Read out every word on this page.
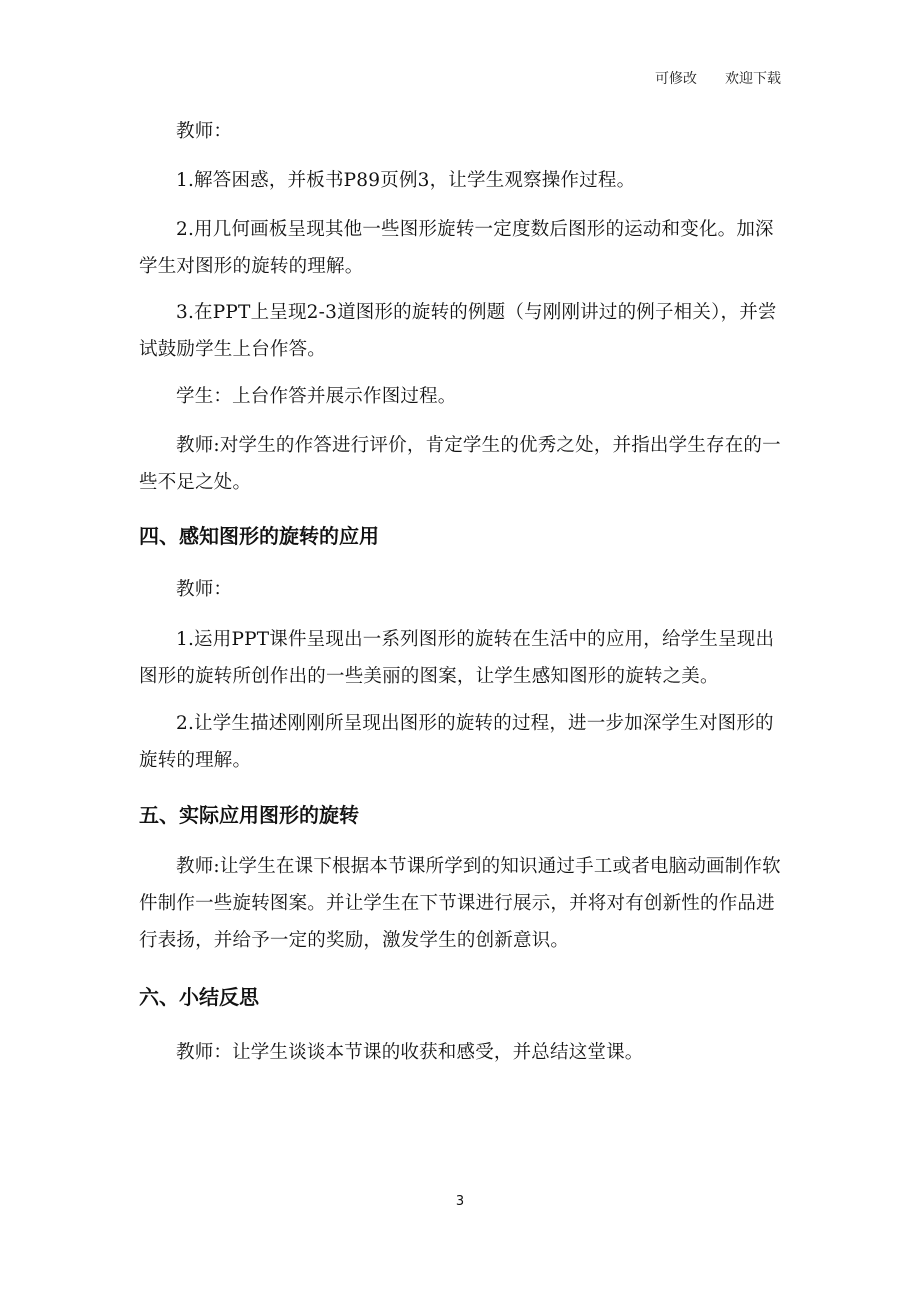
可修改 欢迎下载
教师：
1.解答困惑，并板书P89页例3，让学生观察操作过程。
2.用几何画板呈现其他一些图形旋转一定度数后图形的运动和变化。加深学生对图形的旋转的理解。
3.在PPT上呈现2-3道图形的旋转的例题（与刚刚讲过的例子相关），并尝试鼓励学生上台作答。
学生：上台作答并展示作图过程。
教师:对学生的作答进行评价，肯定学生的优秀之处，并指出学生存在的一些不足之处。
四、感知图形的旋转的应用
教师：
1.运用PPT课件呈现出一系列图形的旋转在生活中的应用，给学生呈现出图形的旋转所创作出的一些美丽的图案，让学生感知图形的旋转之美。
2.让学生描述刚刚所呈现出图形的旋转的过程，进一步加深学生对图形的旋转的理解。
五、实际应用图形的旋转
教师:让学生在课下根据本节课所学到的知识通过手工或者电脑动画制作软件制作一些旋转图案。并让学生在下节课进行展示，并将对有创新性的作品进行表扬，并给予一定的奖励，激发学生的创新意识。
六、小结反思
教师：让学生谈谈本节课的收获和感受，并总结这堂课。
3
